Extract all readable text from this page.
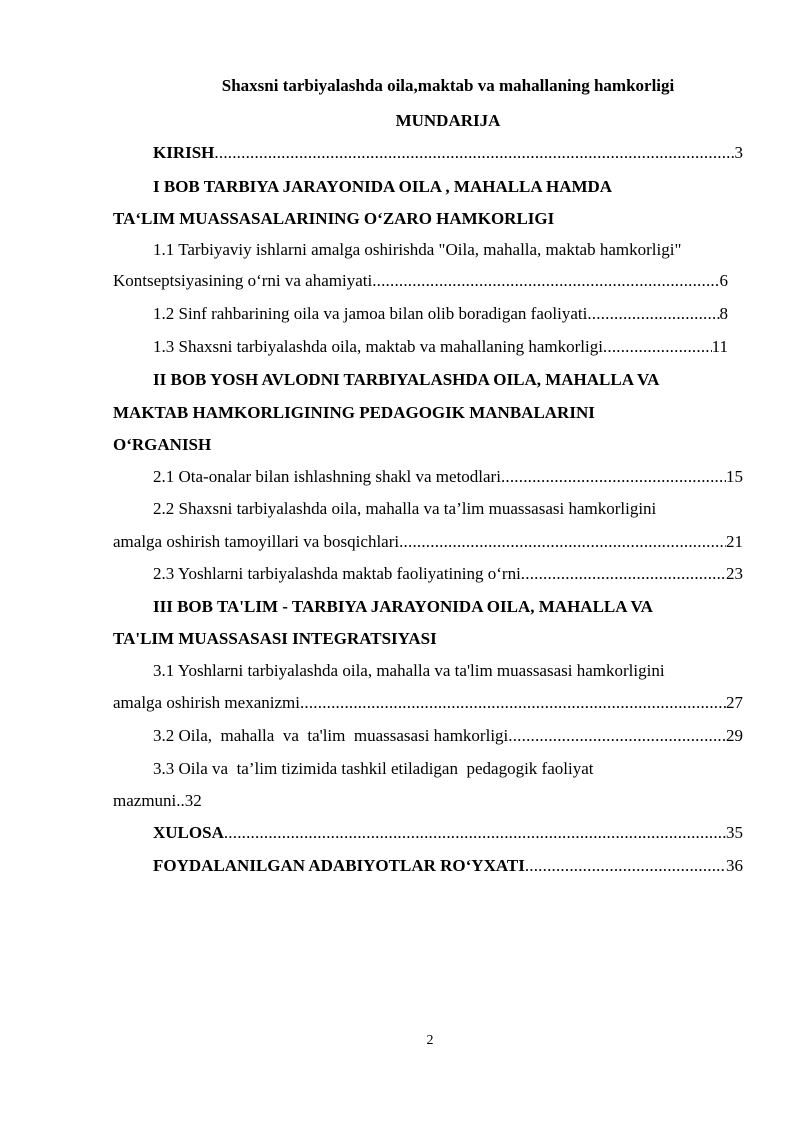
Shaxsni tarbiyalashda oila,maktab va mahallaning hamkorligi
MUNDARIJA
KIRISH .....	3
I BOB TARBIYA JARAYONIDA OILA , MAHALLA HAMDA
TA‘LIM MUASSASALARINING O‘ZARO HAMKORLIGI
1.1 Tarbiyaviy ishlarni amalga oshirishda "Oila, mahalla, maktab hamkorligi"
Kontseptsiyasining o‘rni va ahamiyati .....	6
1.2 Sinf rahbarining oila va jamoa bilan olib boradigan faoliyati .....	8
1.3 Shaxsni tarbiyalashda oila, maktab va mahallaning hamkorligi .....	11
II BOB YOSH AVLODNI TARBIYALASHDA OILA, MAHALLA VA
MAKTAB HAMKORLIGINING PEDAGOGIK MANBALARINI
O‘RGANISH
2.1 Ota-onalar bilan ishlashning shakl va metodlari .....	15
2.2 Shaxsni tarbiyalashda oila, mahalla va ta’lim muassasasi hamkorligini
amalga oshirish tamoyillari va bosqichlari .....	21
2.3 Yoshlarni tarbiyalashda maktab faoliyatining o‘rni .....	23
III BOB TA'LIM - TARBIYA JARAYONIDA OILA, MAHALLA VA
TA'LIM MUASSASASI INTEGRATSIYASI
3.1 Yoshlarni tarbiyalashda oila, mahalla va ta'lim muassasasi hamkorligini
amalga oshirish mexanizmi .....	27
3.2 Oila,  mahalla  va  ta'lim  muassasasi hamkorligi .....	29
3.3 Oila va  ta’lim tizimida tashkil etiladigan  pedagogik faoliyat
mazmuni..32
XULOSA .....	35
FOYDALANILGAN ADABIYOTLAR RO‘YXATI .....	36
2
